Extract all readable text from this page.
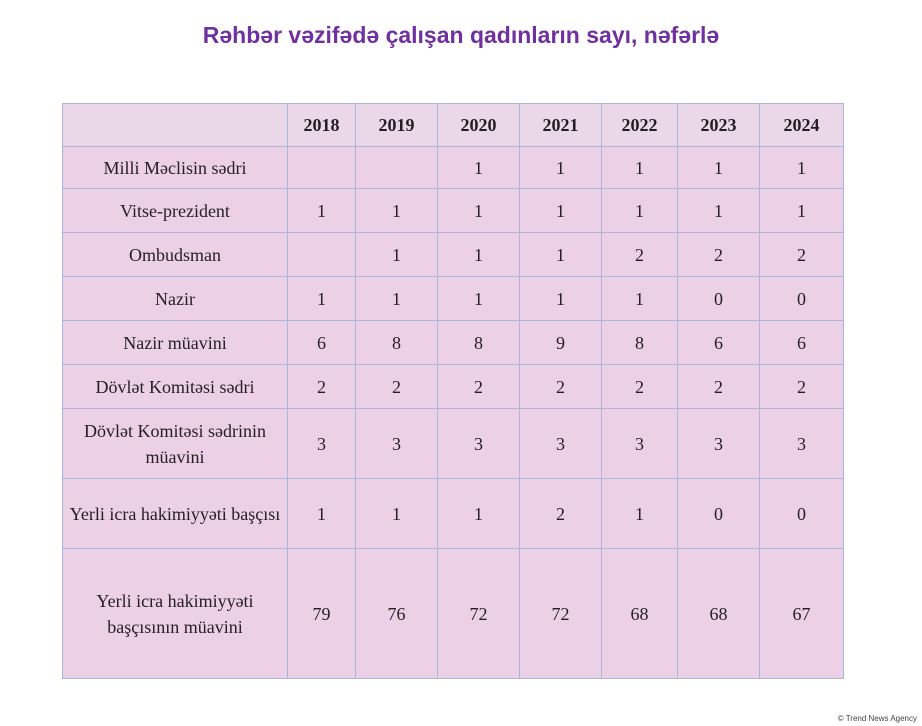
Rəhbər vəzifədə çalışan qadınların sayı, nəfərlə
	2018	2019	2020	2021	2022	2023	2024
Milli Məclisin sədri			1	1	1	1	1
Vitse-prezident	1	1	1	1	1	1	1
Ombudsman		1	1	1	2	2	2
Nazir	1	1	1	1	1	0	0
Nazir müavini	6	8	8	9	8	6	6
Dövlət Komitəsi sədri	2	2	2	2	2	2	2
Dövlət Komitəsi sədrinin müavini	3	3	3	3	3	3	3
Yerli icra hakimiyyəti başçısı	1	1	1	2	1	0	0
Yerli icra hakimiyyəti başçısının müavini	79	76	72	72	68	68	67
© Trend News Agency
